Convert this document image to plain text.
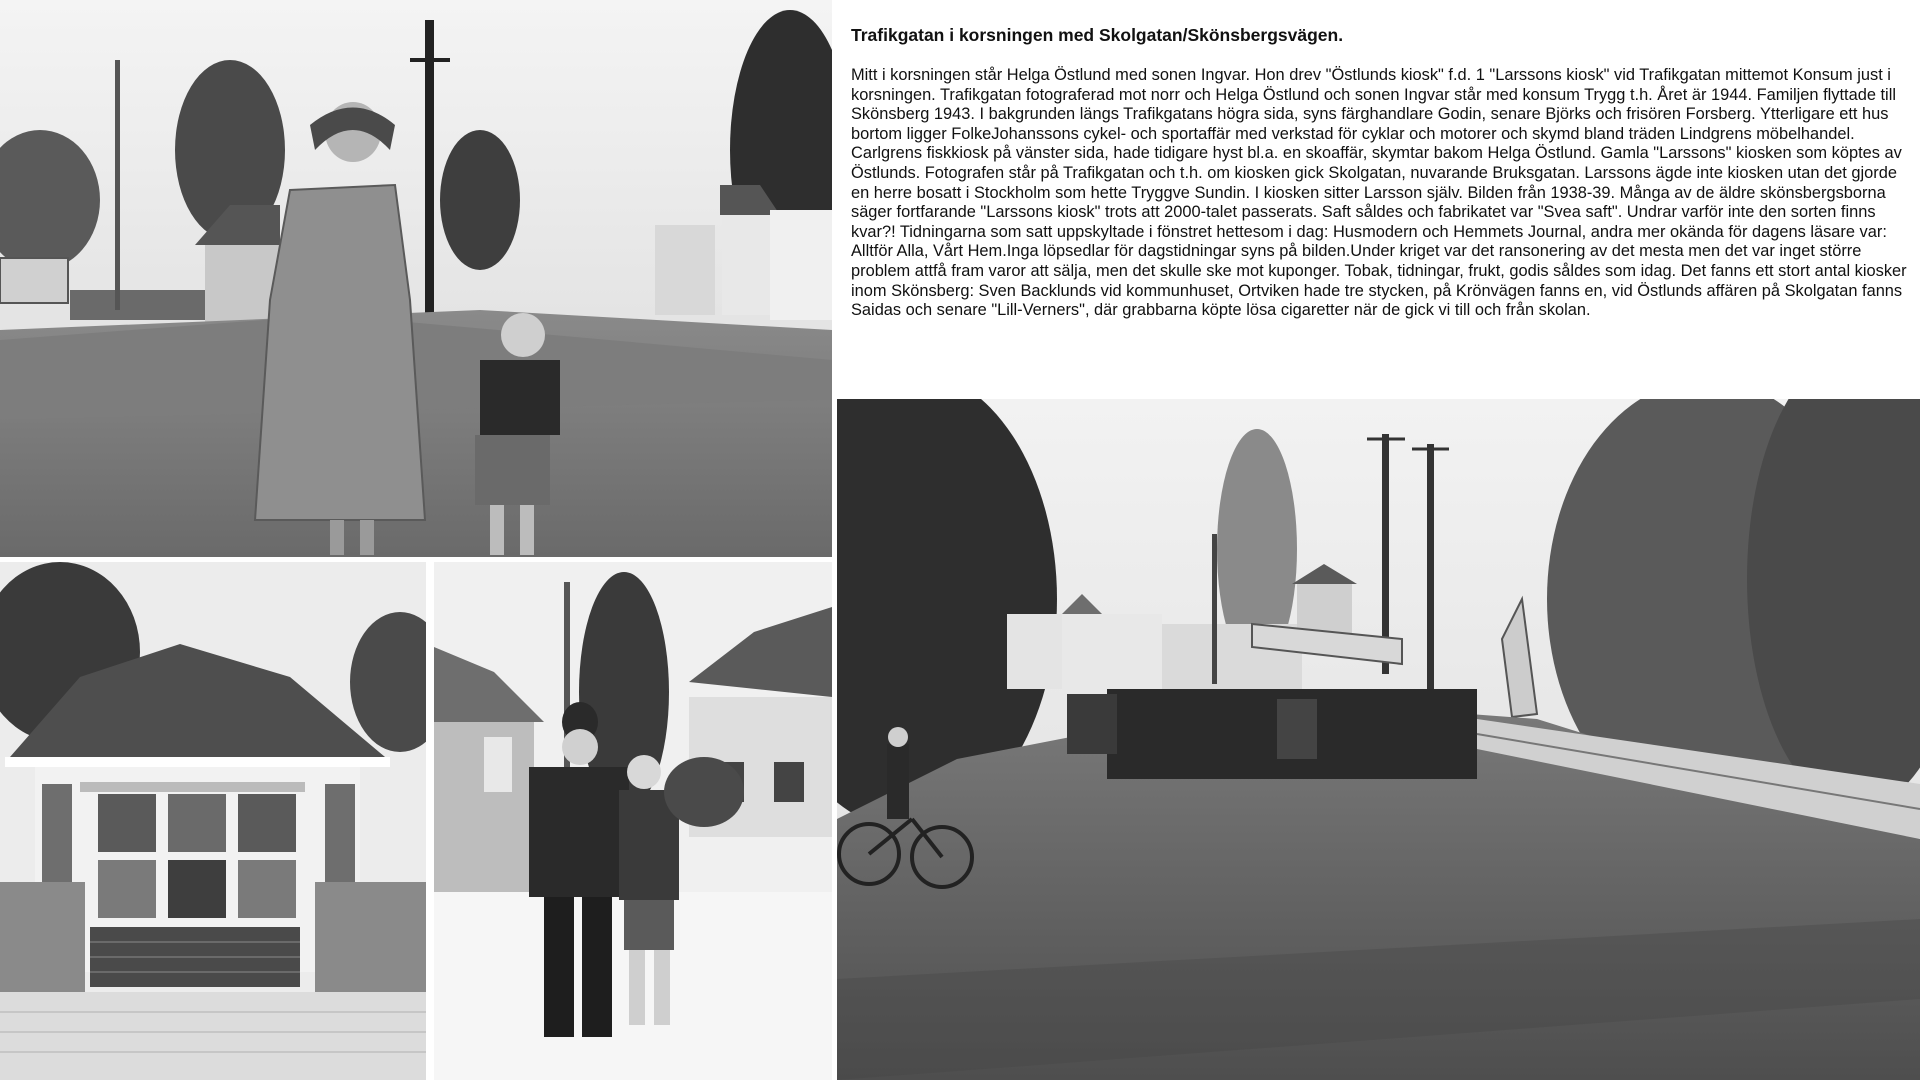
Trafikgatan i korsningen med Skolgatan/Skönsbergsvägen.

Mitt i korsningen står Helga Östlund med sonen Ingvar. Hon drev "Östlunds kiosk" f.d. 1 "Larssons kiosk" vid Trafikgatan mittemot Konsum just i korsningen. Trafikgatan fotograferad mot norr och Helga Östlund och sonen Ingvar står med konsum Trygg t.h. Året är 1944. Familjen flyttade till Skönsberg 1943. I bakgrunden längs Trafikgatans högra sida, syns färghandlare Godin, senare Björks och frisören Forsberg. Ytterligare ett hus bortom ligger FolkeJohanssons cykel- och sportaffär med verkstad för cyklar och motorer och skymd bland träden Lindgrens möbelhandel. Carlgrens fiskkiosk på vänster sida, hade tidigare hyst bl.a. en skoaffär, skymtar bakom Helga Östlund. Gamla "Larssons" kiosken som köptes av Östlunds. Fotografen står på Trafikgatan och t.h. om kiosken gick Skolgatan, nuvarande Bruksgatan. Larssons ägde inte kiosken utan det gjorde en herre bosatt i Stockholm som hette Tryggve Sundin. I kiosken sitter Larsson själv. Bilden från 1938-39. Många av de äldre skönsbergsborna säger fortfarande "Larssons kiosk" trots att 2000-talet passerats. Saft såldes och fabrikatet var "Svea saft". Undrar varför inte den sorten finns kvar?! Tidningarna som satt uppskyltade i fönstret hettesom i dag: Husmodern och Hemmets Journal, andra mer okända för dagens läsare var: Alltför Alla, Vårt Hem.Inga löpsedlar för dagstidningar syns på bilden.Under kriget var det ransonering av det mesta men det var inget större problem attfå fram varor att sälja, men det skulle ske mot kuponger. Tobak, tidningar, frukt, godis såldes som idag. Det fanns ett stort antal kiosker inom Skönsberg: Sven Backlunds vid kommunhuset, Ortviken hade tre stycken, på Krönvägen fanns en, vid Östlunds affären på Skolgatan fanns Saidas och senare "Lill-Verners", där grabbarna köpte lösa cigaretter när de gick vi till och från skolan.
